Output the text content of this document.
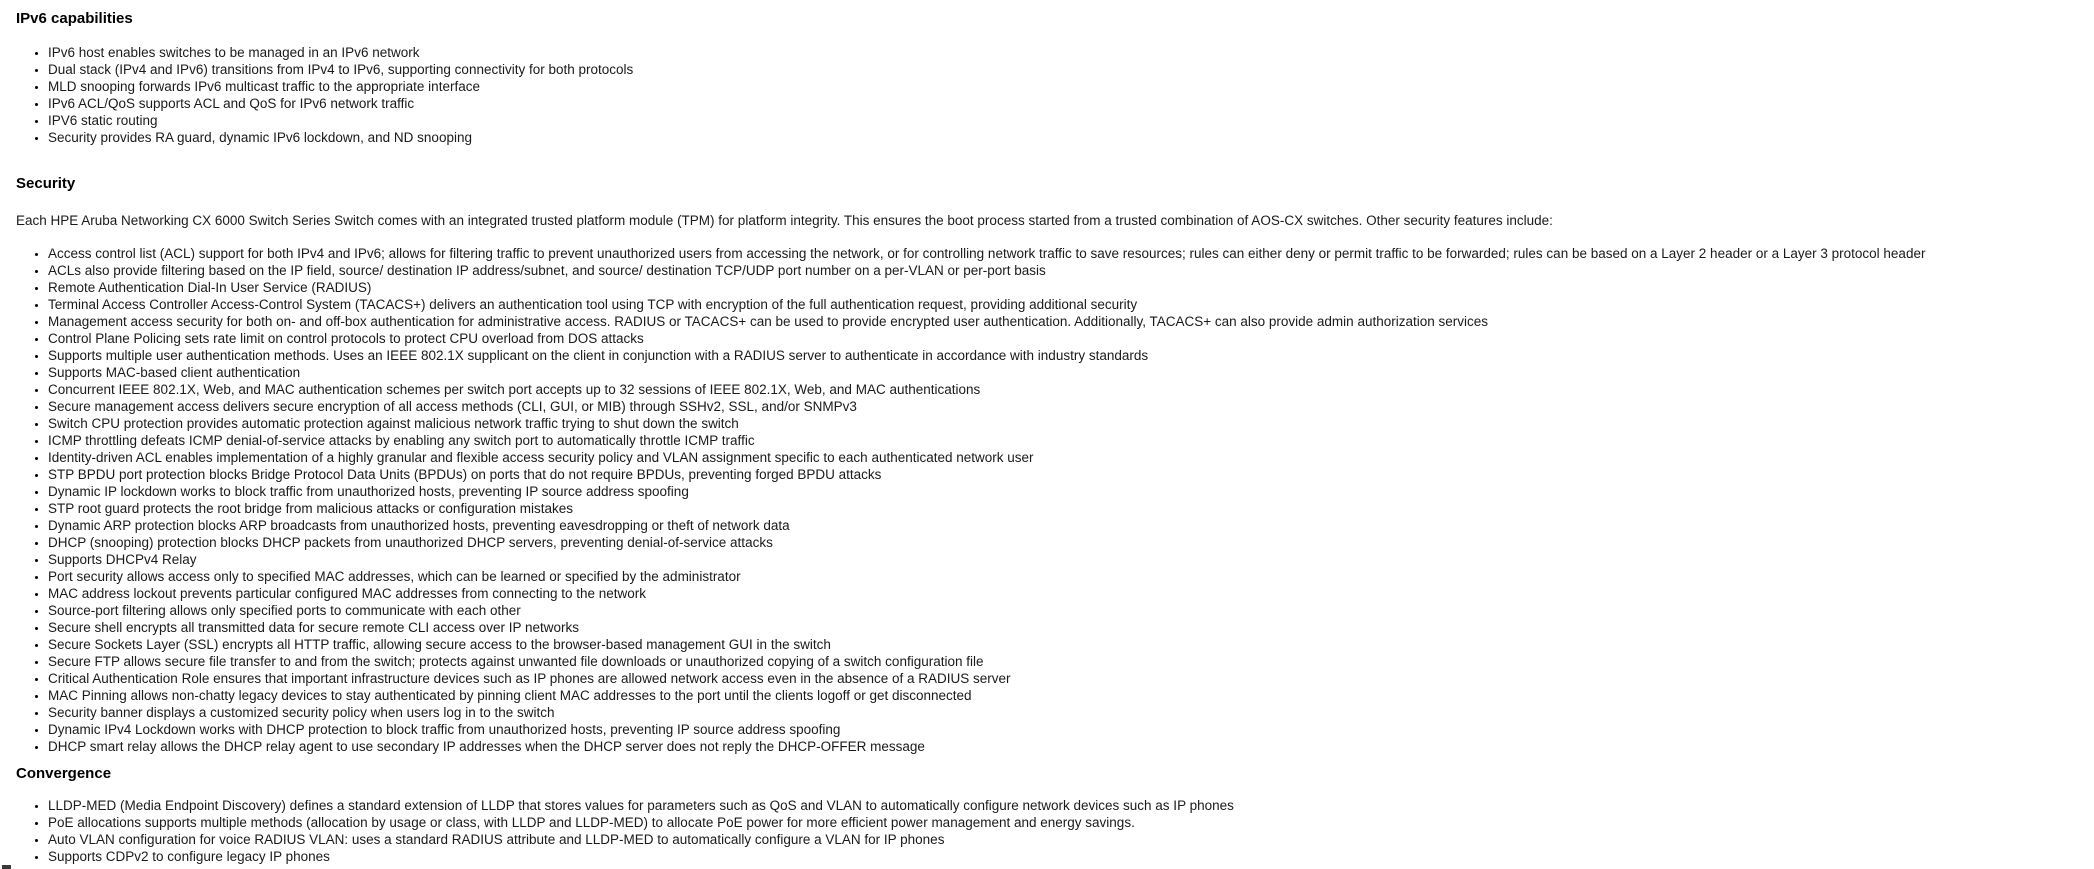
IPv6 capabilities
• IPv6 host enables switches to be managed in an IPv6 network
• Dual stack (IPv4 and IPv6) transitions from IPv4 to IPv6, supporting connectivity for both protocols
• MLD snooping forwards IPv6 multicast traffic to the appropriate interface
• IPv6 ACL/QoS supports ACL and QoS for IPv6 network traffic
• IPV6 static routing
• Security provides RA guard, dynamic IPv6 lockdown, and ND snooping
Security

Each HPE Aruba Networking CX 6000 Switch Series Switch comes with an integrated trusted platform module (TPM) for platform integrity. This ensures the boot process started from a trusted combination of AOS-CX switches. Other security features include:

• Access control list (ACL) support for both IPv4 and IPv6; allows for filtering traffic to prevent unauthorized users from accessing the network, or for controlling network traffic to save resources; rules can either deny or permit traffic to be forwarded; rules can be based on a Layer 2 header or a Layer 3 protocol header
• ACLs also provide filtering based on the IP field, source/ destination IP address/subnet, and source/ destination TCP/UDP port number on a per-VLAN or per-port basis
• Remote Authentication Dial-In User Service (RADIUS)
• Terminal Access Controller Access-Control System (TACACS+) delivers an authentication tool using TCP with encryption of the full authentication request, providing additional security
• Management access security for both on- and off-box authentication for administrative access. RADIUS or TACACS+ can be used to provide encrypted user authentication. Additionally, TACACS+ can also provide admin authorization services
• Control Plane Policing sets rate limit on control protocols to protect CPU overload from DOS attacks
• Supports multiple user authentication methods. Uses an IEEE 802.1X supplicant on the client in conjunction with a RADIUS server to authenticate in accordance with industry standards
• Supports MAC-based client authentication
• Concurrent IEEE 802.1X, Web, and MAC authentication schemes per switch port accepts up to 32 sessions of IEEE 802.1X, Web, and MAC authentications
• Secure management access delivers secure encryption of all access methods (CLI, GUI, or MIB) through SSHv2, SSL, and/or SNMPv3
• Switch CPU protection provides automatic protection against malicious network traffic trying to shut down the switch
• ICMP throttling defeats ICMP denial-of-service attacks by enabling any switch port to automatically throttle ICMP traffic
• Identity-driven ACL enables implementation of a highly granular and flexible access security policy and VLAN assignment specific to each authenticated network user
• STP BPDU port protection blocks Bridge Protocol Data Units (BPDUs) on ports that do not require BPDUs, preventing forged BPDU attacks
• Dynamic IP lockdown works to block traffic from unauthorized hosts, preventing IP source address spoofing
• STP root guard protects the root bridge from malicious attacks or configuration mistakes
• Dynamic ARP protection blocks ARP broadcasts from unauthorized hosts, preventing eavesdropping or theft of network data
• DHCP (snooping) protection blocks DHCP packets from unauthorized DHCP servers, preventing denial-of-service attacks
• Supports DHCPv4 Relay
• Port security allows access only to specified MAC addresses, which can be learned or specified by the administrator
• MAC address lockout prevents particular configured MAC addresses from connecting to the network
• Source-port filtering allows only specified ports to communicate with each other
• Secure shell encrypts all transmitted data for secure remote CLI access over IP networks
• Secure Sockets Layer (SSL) encrypts all HTTP traffic, allowing secure access to the browser-based management GUI in the switch
• Secure FTP allows secure file transfer to and from the switch; protects against unwanted file downloads or unauthorized copying of a switch configuration file
• Critical Authentication Role ensures that important infrastructure devices such as IP phones are allowed network access even in the absence of a RADIUS server
• MAC Pinning allows non-chatty legacy devices to stay authenticated by pinning client MAC addresses to the port until the clients logoff or get disconnected
• Security banner displays a customized security policy when users log in to the switch
• Dynamic IPv4 Lockdown works with DHCP protection to block traffic from unauthorized hosts, preventing IP source address spoofing
• DHCP smart relay allows the DHCP relay agent to use secondary IP addresses when the DHCP server does not reply the DHCP-OFFER message
Convergence
• LLDP-MED (Media Endpoint Discovery) defines a standard extension of LLDP that stores values for parameters such as QoS and VLAN to automatically configure network devices such as IP phones
• PoE allocations supports multiple methods (allocation by usage or class, with LLDP and LLDP-MED) to allocate PoE power for more efficient power management and energy savings.
• Auto VLAN configuration for voice RADIUS VLAN: uses a standard RADIUS attribute and LLDP-MED to automatically configure a VLAN for IP phones
• Supports CDPv2 to configure legacy IP phones
